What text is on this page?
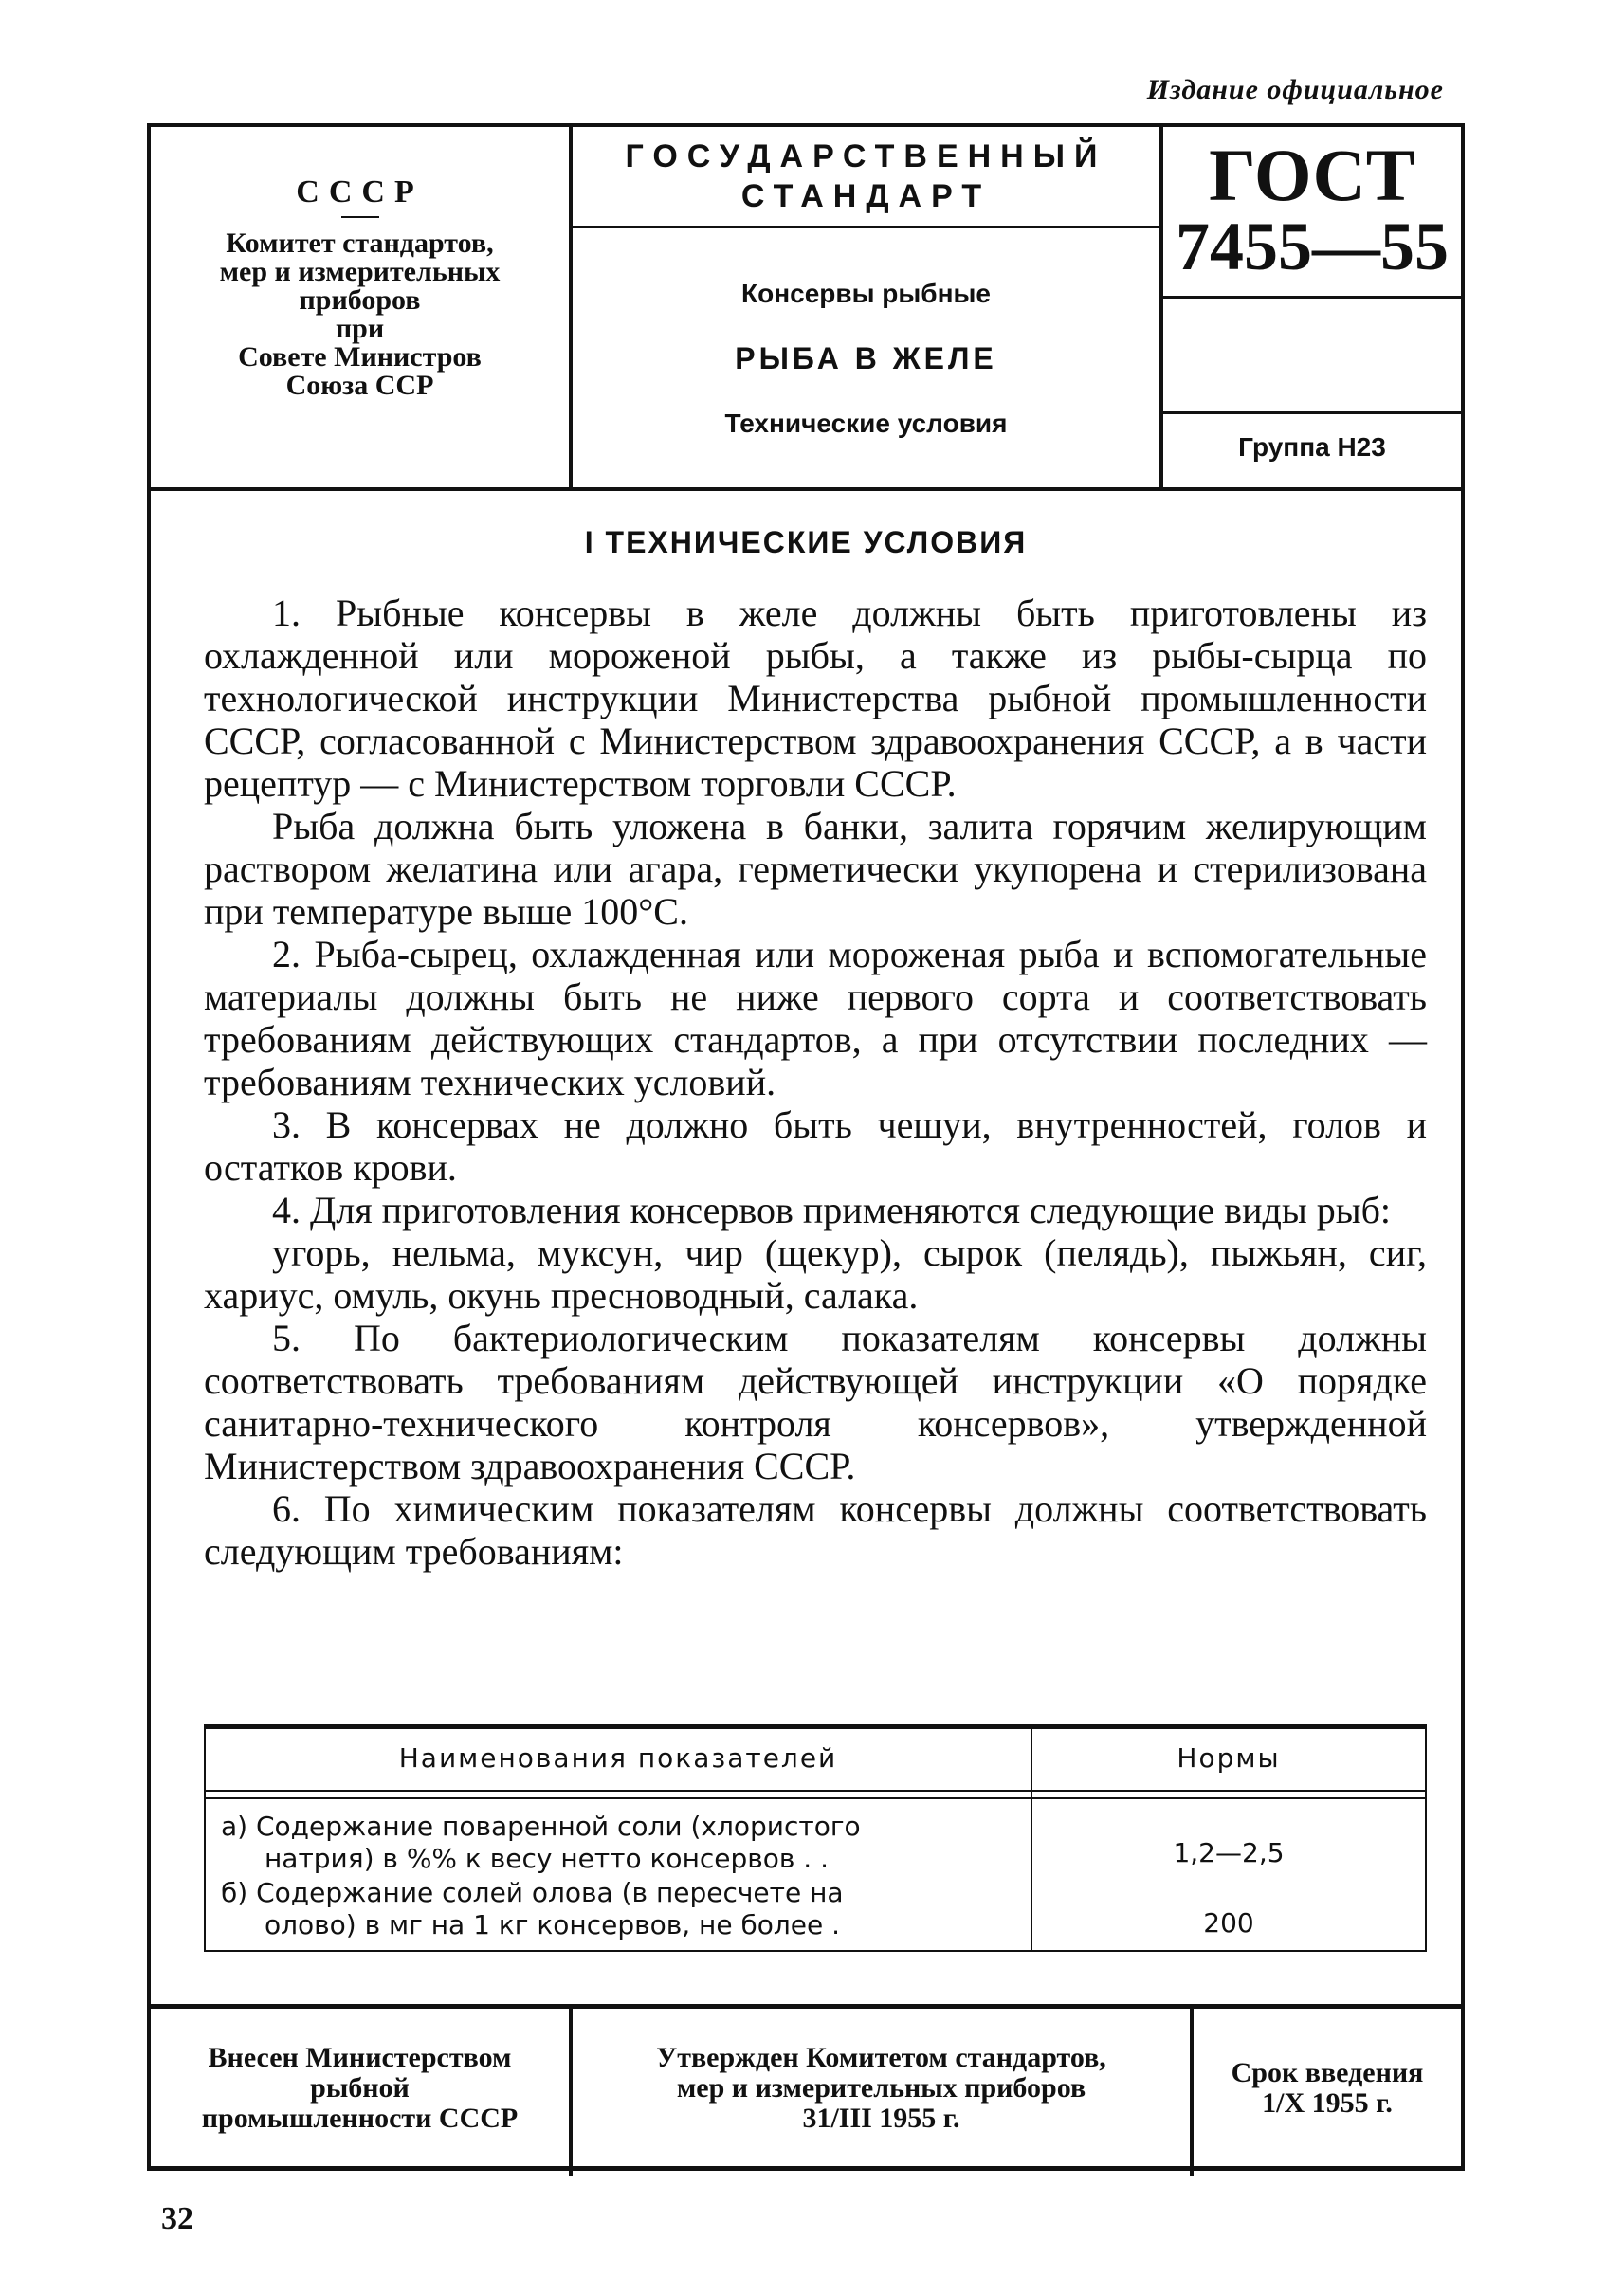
Издание официальное
СССР
Комитет стандартов,
мер и измерительных
приборов
при
Совете Министров
Союза ССР
ГОСУДАРСТВЕННЫЙ
СТАНДАРТ
Консервы рыбные
РЫБА В ЖЕЛЕ
Технические условия
ГОСТ
7455—55
Группа Н23
I ТЕХНИЧЕСКИЕ УСЛОВИЯ

1. Рыбные консервы в желе должны быть приготовлены из охлажденной или мороженой рыбы, а также из рыбы-сырца по технологической инструкции Министерства рыбной промышленности СССР, согласованной с Министерством здравоохранения СССР, а в части рецептур — с Министерством торговли СССР.

Рыба должна быть уложена в банки, залита горячим желирующим раствором желатина или агара, герметически укупорена и стерилизована при температуре выше 100°С.

2. Рыба-сырец, охлажденная или мороженая рыба и вспомогательные материалы должны быть не ниже первого сорта и соответствовать требованиям действующих стандартов, а при отсутствии последних — требованиям технических условий.

3. В консервах не должно быть чешуи, внутренностей, голов и остатков крови.

4. Для приготовления консервов применяются следующие виды рыб:

угорь, нельма, муксун, чир (щекур), сырок (пелядь), пыжьян, сиг, хариус, омуль, окунь пресноводный, салака.

5. По бактериологическим показателям консервы должны соответствовать требованиям действующей инструкции «О порядке санитарно-технического контроля консервов», утвержденной Министерством здравоохранения СССР.

6. По химическим показателям консервы должны соответствовать следующим требованиям:

Наименования показателей	Нормы
а) Содержание поваренной соли (хлористого
натрия) в %% к весу нетто консервов . .	1,2—2,5
б) Содержание солей олова (в пересчете на
олово) в мг на 1 кг консервов, не более .	200
Внесен Министерством
рыбной
промышленности СССР
Утвержден Комитетом стандартов,
мер и измерительных приборов
31/III 1955 г.
Срок введения
1/X 1955 г.
32
